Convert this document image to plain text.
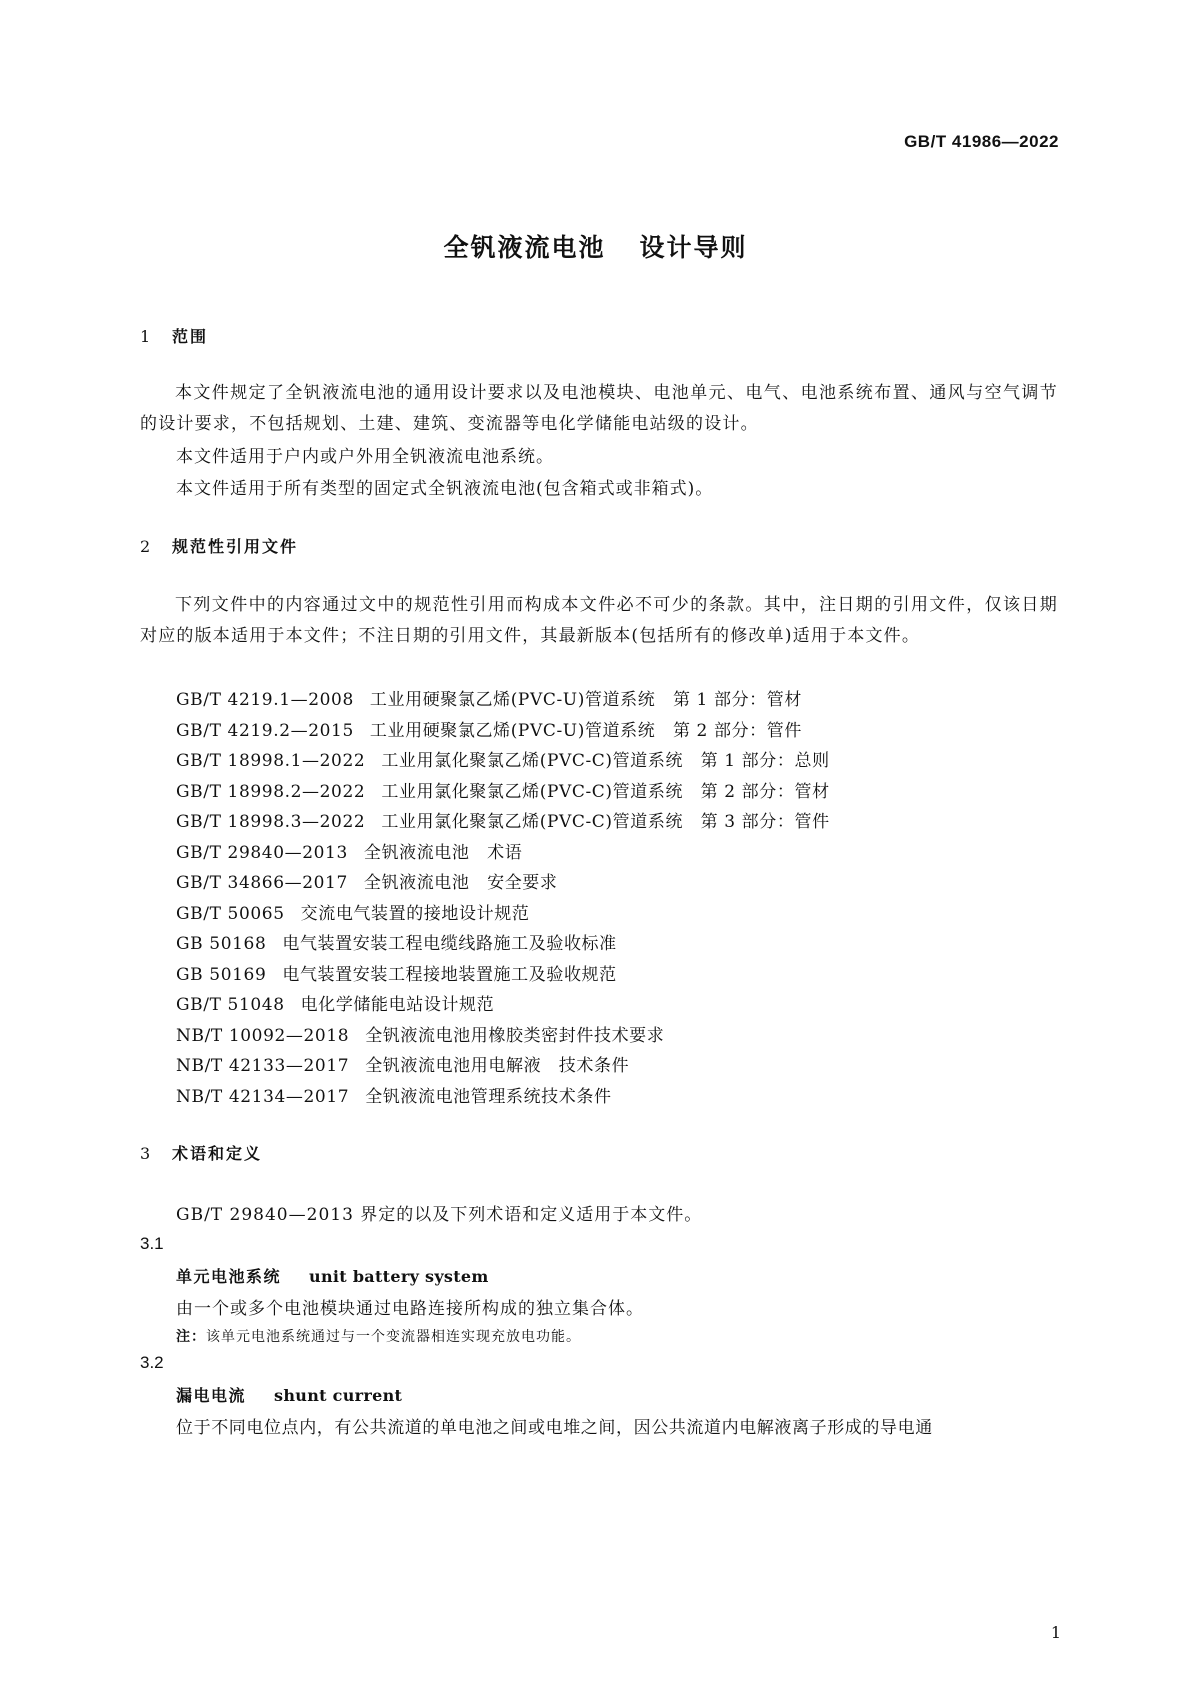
GB/T 41986—2022
全钒液流电池 设计导则
1 范围
本文件规定了全钒液流电池的通用设计要求以及电池模块、电池单元、电气、电池系统布置、通风与空气调节的设计要求，不包括规划、土建、建筑、变流器等电化学储能电站级的设计。
本文件适用于户内或户外用全钒液流电池系统。
本文件适用于所有类型的固定式全钒液流电池(包含箱式或非箱式)。
2 规范性引用文件
下列文件中的内容通过文中的规范性引用而构成本文件必不可少的条款。其中，注日期的引用文件，仅该日期对应的版本适用于本文件；不注日期的引用文件，其最新版本(包括所有的修改单)适用于本文件。
GB/T 4219.1—2008 工业用硬聚氯乙烯(PVC-U)管道系统　第 1 部分：管材
GB/T 4219.2—2015 工业用硬聚氯乙烯(PVC-U)管道系统　第 2 部分：管件
GB/T 18998.1—2022 工业用氯化聚氯乙烯(PVC-C)管道系统　第 1 部分：总则
GB/T 18998.2—2022 工业用氯化聚氯乙烯(PVC-C)管道系统　第 2 部分：管材
GB/T 18998.3—2022 工业用氯化聚氯乙烯(PVC-C)管道系统　第 3 部分：管件
GB/T 29840—2013 全钒液流电池　术语
GB/T 34866—2017 全钒液流电池　安全要求
GB/T 50065 交流电气装置的接地设计规范
GB 50168 电气装置安装工程电缆线路施工及验收标准
GB 50169 电气装置安装工程接地装置施工及验收规范
GB/T 51048 电化学储能电站设计规范
NB/T 10092—2018 全钒液流电池用橡胶类密封件技术要求
NB/T 42133—2017 全钒液流电池用电解液　技术条件
NB/T 42134—2017 全钒液流电池管理系统技术条件
3 术语和定义
GB/T 29840—2013 界定的以及下列术语和定义适用于本文件。
3.1
单元电池系统 unit battery system
由一个或多个电池模块通过电路连接所构成的独立集合体。
注：该单元电池系统通过与一个变流器相连实现充放电功能。
3.2
漏电电流 shunt current
位于不同电位点内，有公共流道的单电池之间或电堆之间，因公共流道内电解液离子形成的导电通
1
